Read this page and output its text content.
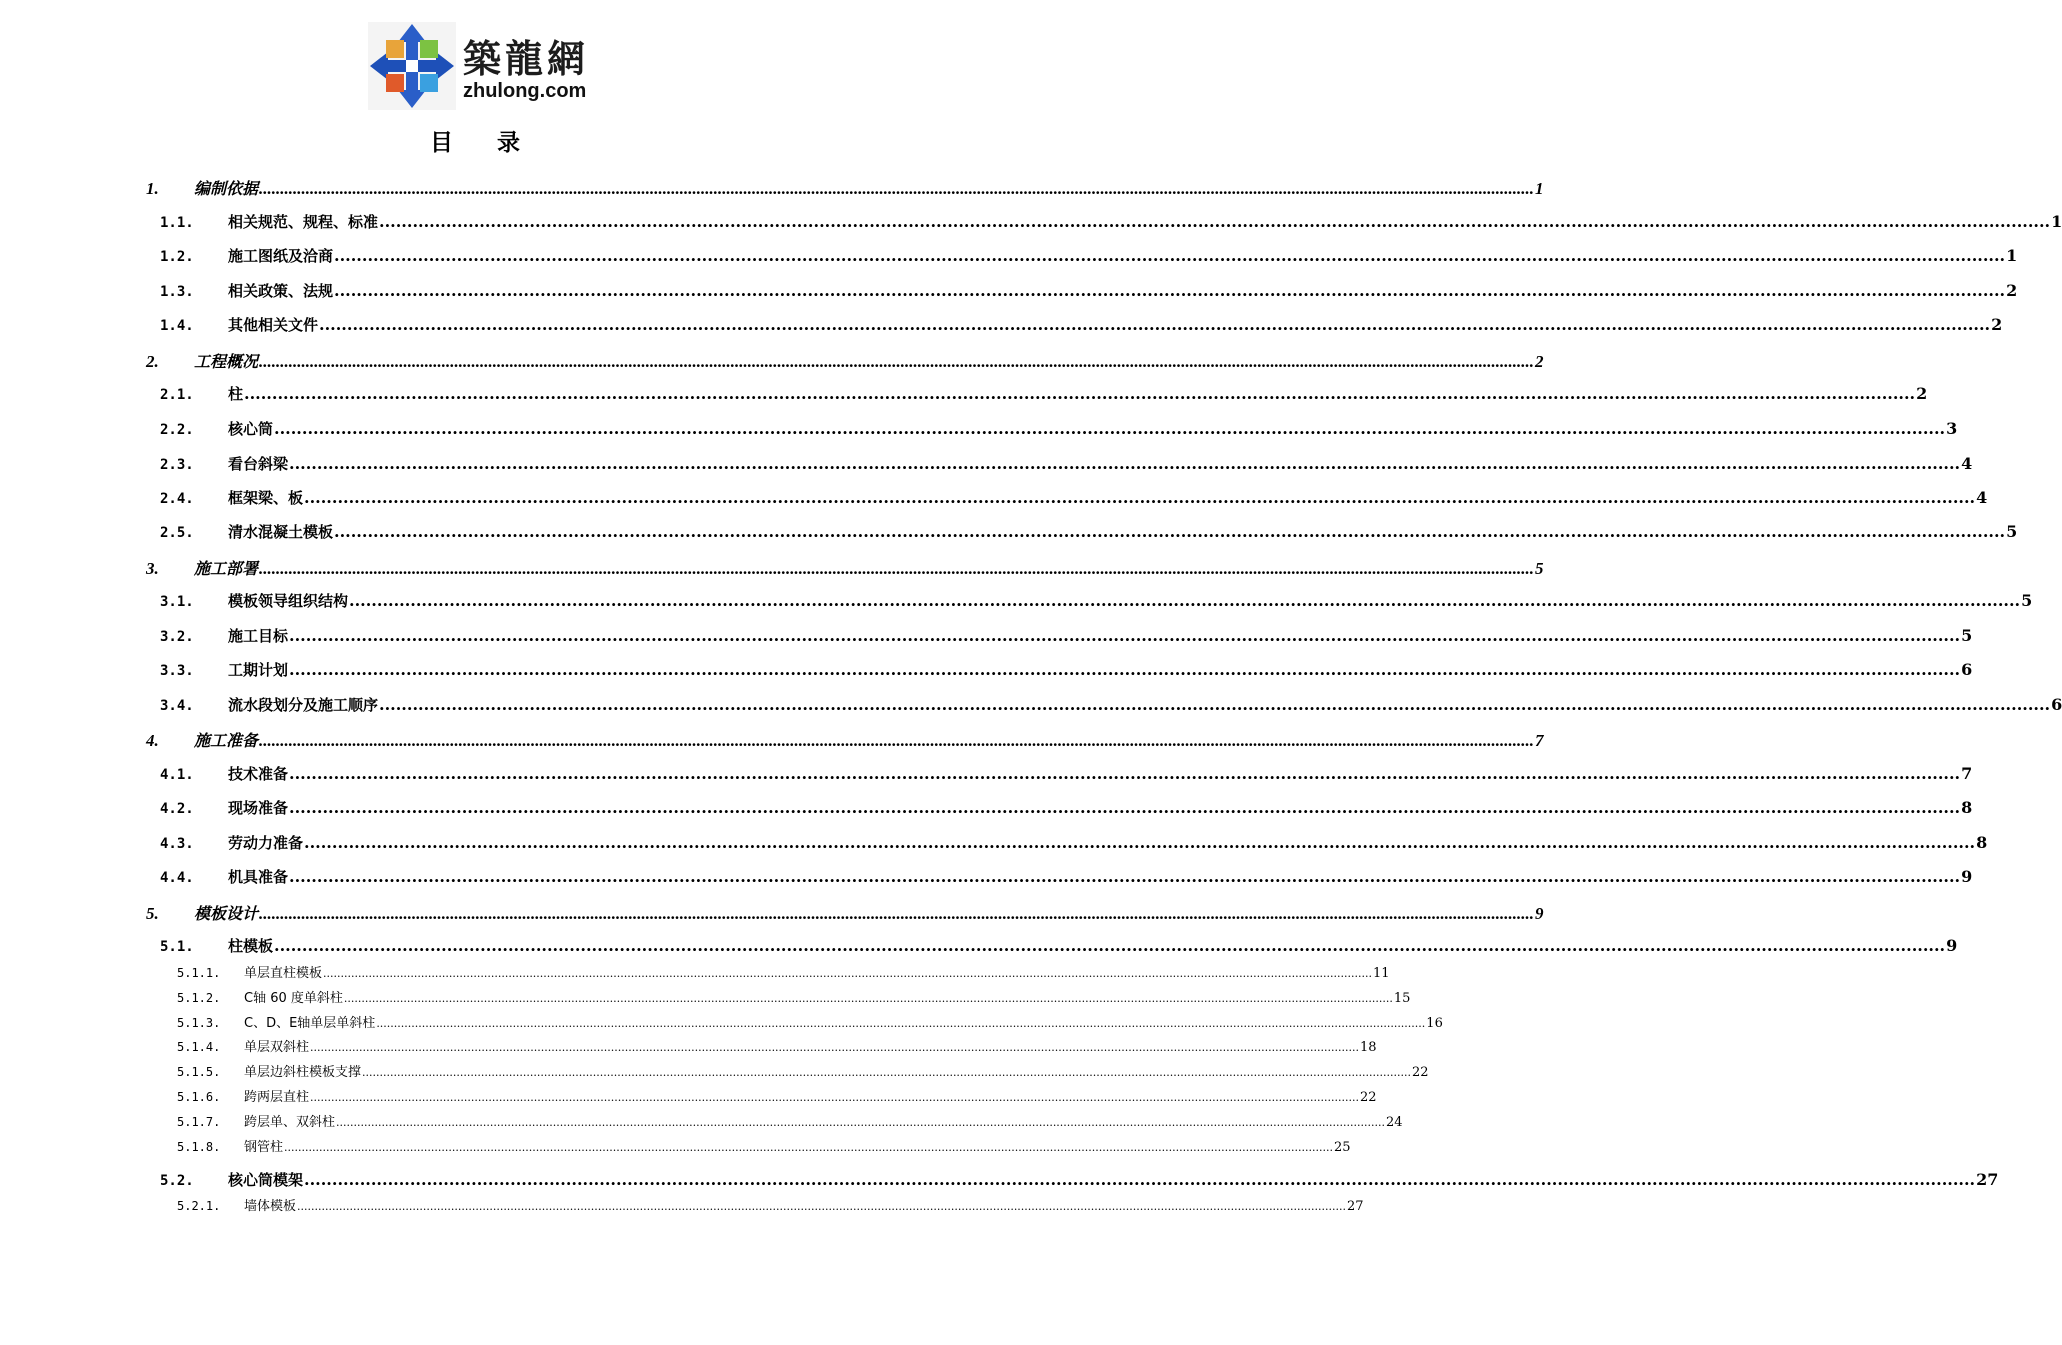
築龍網
zhulong.com
目录
1.	编制依据 ............................................................................................................................................................................................................................................................................................................ 1
1.1.	相关规范、规程、标准 ............................................................................................................................................................................................................................................................................................................ 1
1.2.	施工图纸及洽商 ............................................................................................................................................................................................................................................................................................................ 1
1.3.	相关政策、法规 ............................................................................................................................................................................................................................................................................................................ 2
1.4.	其他相关文件 ............................................................................................................................................................................................................................................................................................................ 2
2.	工程概况 ............................................................................................................................................................................................................................................................................................................ 2
2.1.	柱 ............................................................................................................................................................................................................................................................................................................ 2
2.2.	核心筒 ............................................................................................................................................................................................................................................................................................................ 3
2.3.	看台斜梁 ............................................................................................................................................................................................................................................................................................................ 4
2.4.	框架梁、板 ............................................................................................................................................................................................................................................................................................................ 4
2.5.	清水混凝土模板 ............................................................................................................................................................................................................................................................................................................ 5
3.	施工部署 ............................................................................................................................................................................................................................................................................................................ 5
3.1.	模板领导组织结构 ............................................................................................................................................................................................................................................................................................................ 5
3.2.	施工目标 ............................................................................................................................................................................................................................................................................................................ 5
3.3.	工期计划 ............................................................................................................................................................................................................................................................................................................ 6
3.4.	流水段划分及施工顺序 ............................................................................................................................................................................................................................................................................................................ 6
4.	施工准备 ............................................................................................................................................................................................................................................................................................................ 7
4.1.	技术准备 ............................................................................................................................................................................................................................................................................................................ 7
4.2.	现场准备 ............................................................................................................................................................................................................................................................................................................ 8
4.3.	劳动力准备 ............................................................................................................................................................................................................................................................................................................ 8
4.4.	机具准备 ............................................................................................................................................................................................................................................................................................................ 9
5.	模板设计 ............................................................................................................................................................................................................................................................................................................ 9
5.1.	柱模板 ............................................................................................................................................................................................................................................................................................................ 9
5.1.1.	单层直柱模板 ............................................................................................................................................................................................................................................................................................................ 11
5.1.2.	C轴 60 度单斜柱 ............................................................................................................................................................................................................................................................................................................ 15
5.1.3.	C、D、E轴单层单斜柱 ............................................................................................................................................................................................................................................................................................................ 16
5.1.4.	单层双斜柱 ............................................................................................................................................................................................................................................................................................................ 18
5.1.5.	单层边斜柱模板支撑 ............................................................................................................................................................................................................................................................................................................ 22
5.1.6.	跨两层直柱 ............................................................................................................................................................................................................................................................................................................ 22
5.1.7.	跨层单、双斜柱 ............................................................................................................................................................................................................................................................................................................ 24
5.1.8.	钢管柱 ............................................................................................................................................................................................................................................................................................................ 25
5.2.	核心筒模架 ............................................................................................................................................................................................................................................................................................................ 27
5.2.1.	墙体模板 ............................................................................................................................................................................................................................................................................................................ 27
